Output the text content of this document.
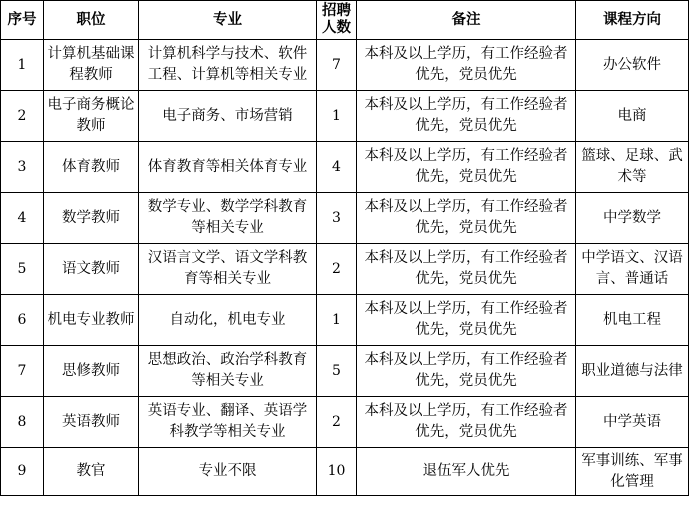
序号	职位	专业	招聘人数	备注	课程方向
1	计算机基础课程教师	计算机科学与技术、软件工程、计算机等相关专业	7	本科及以上学历，有工作经验者优先，党员优先	办公软件
2	电子商务概论教师	电子商务、市场营销	1	本科及以上学历，有工作经验者优先，党员优先	电商
3	体育教师	体育教育等相关体育专业	4	本科及以上学历，有工作经验者优先，党员优先	篮球、足球、武术等
4	数学教师	数学专业、数学学科教育等相关专业	3	本科及以上学历，有工作经验者优先，党员优先	中学数学
5	语文教师	汉语言文学、语文学科教育等相关专业	2	本科及以上学历，有工作经验者优先，党员优先	中学语文、汉语言、普通话
6	机电专业教师	自动化，机电专业	1	本科及以上学历，有工作经验者优先，党员优先	机电工程
7	思修教师	思想政治、政治学科教育等相关专业	5	本科及以上学历，有工作经验者优先，党员优先	职业道德与法律
8	英语教师	英语专业、翻译、英语学科教学等相关专业	2	本科及以上学历，有工作经验者优先，党员优先	中学英语
9	教官	专业不限	10	退伍军人优先	军事训练、军事化管理
